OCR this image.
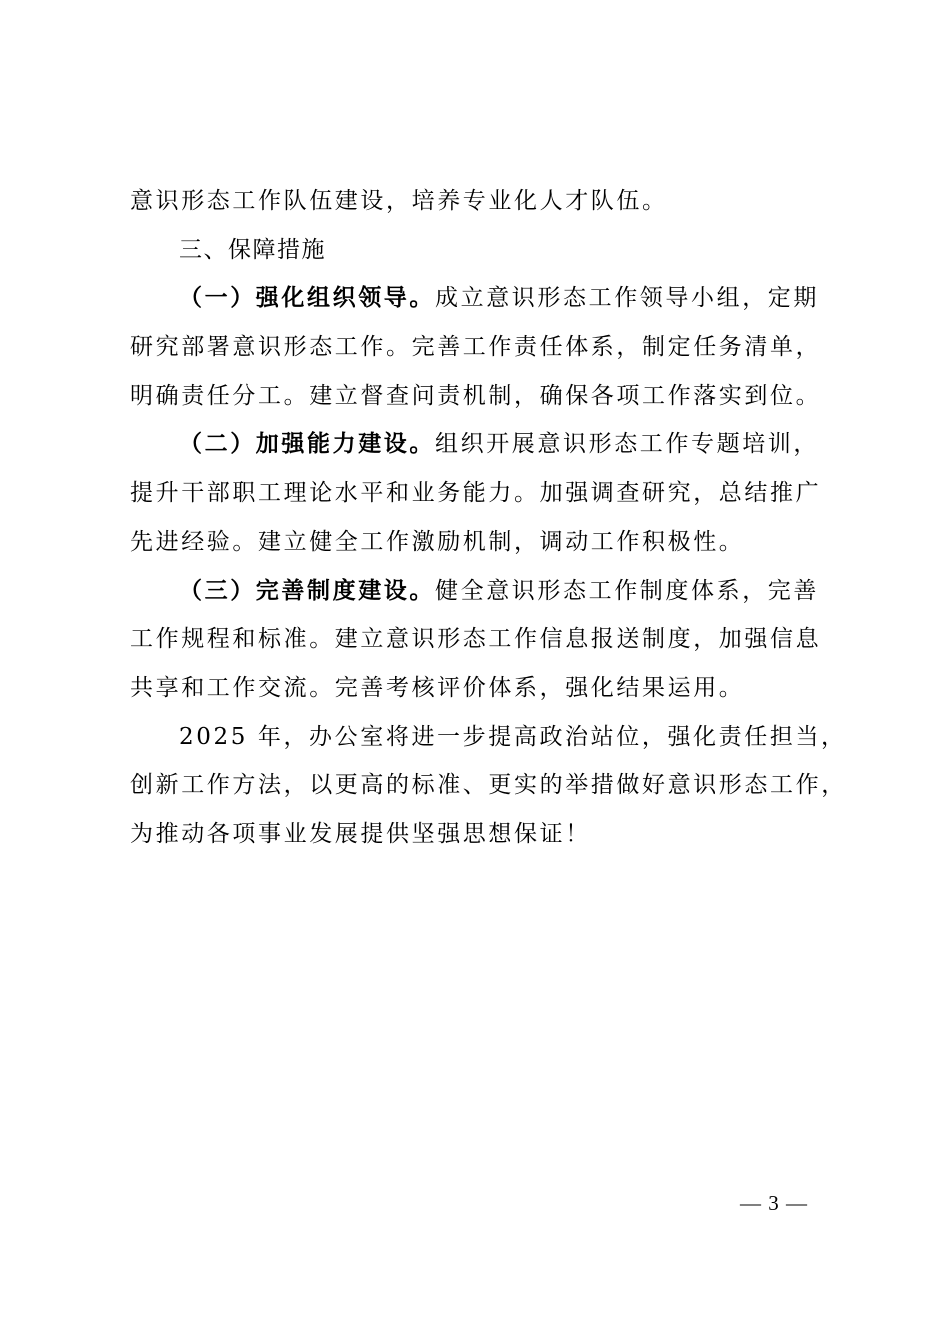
意识形态工作队伍建设，培养专业化人才队伍。
三、保障措施
（一）强化组织领导。成立意识形态工作领导小组，定期
研究部署意识形态工作。完善工作责任体系，制定任务清单，
明确责任分工。建立督查问责机制，确保各项工作落实到位。
（二）加强能力建设。组织开展意识形态工作专题培训，
提升干部职工理论水平和业务能力。加强调查研究，总结推广
先进经验。建立健全工作激励机制，调动工作积极性。
（三）完善制度建设。健全意识形态工作制度体系，完善
工作规程和标准。建立意识形态工作信息报送制度，加强信息
共享和工作交流。完善考核评价体系，强化结果运用。
2025 年，办公室将进一步提高政治站位，强化责任担当，
创新工作方法，以更高的标准、更实的举措做好意识形态工作，
为推动各项事业发展提供坚强思想保证！
— 3 —
